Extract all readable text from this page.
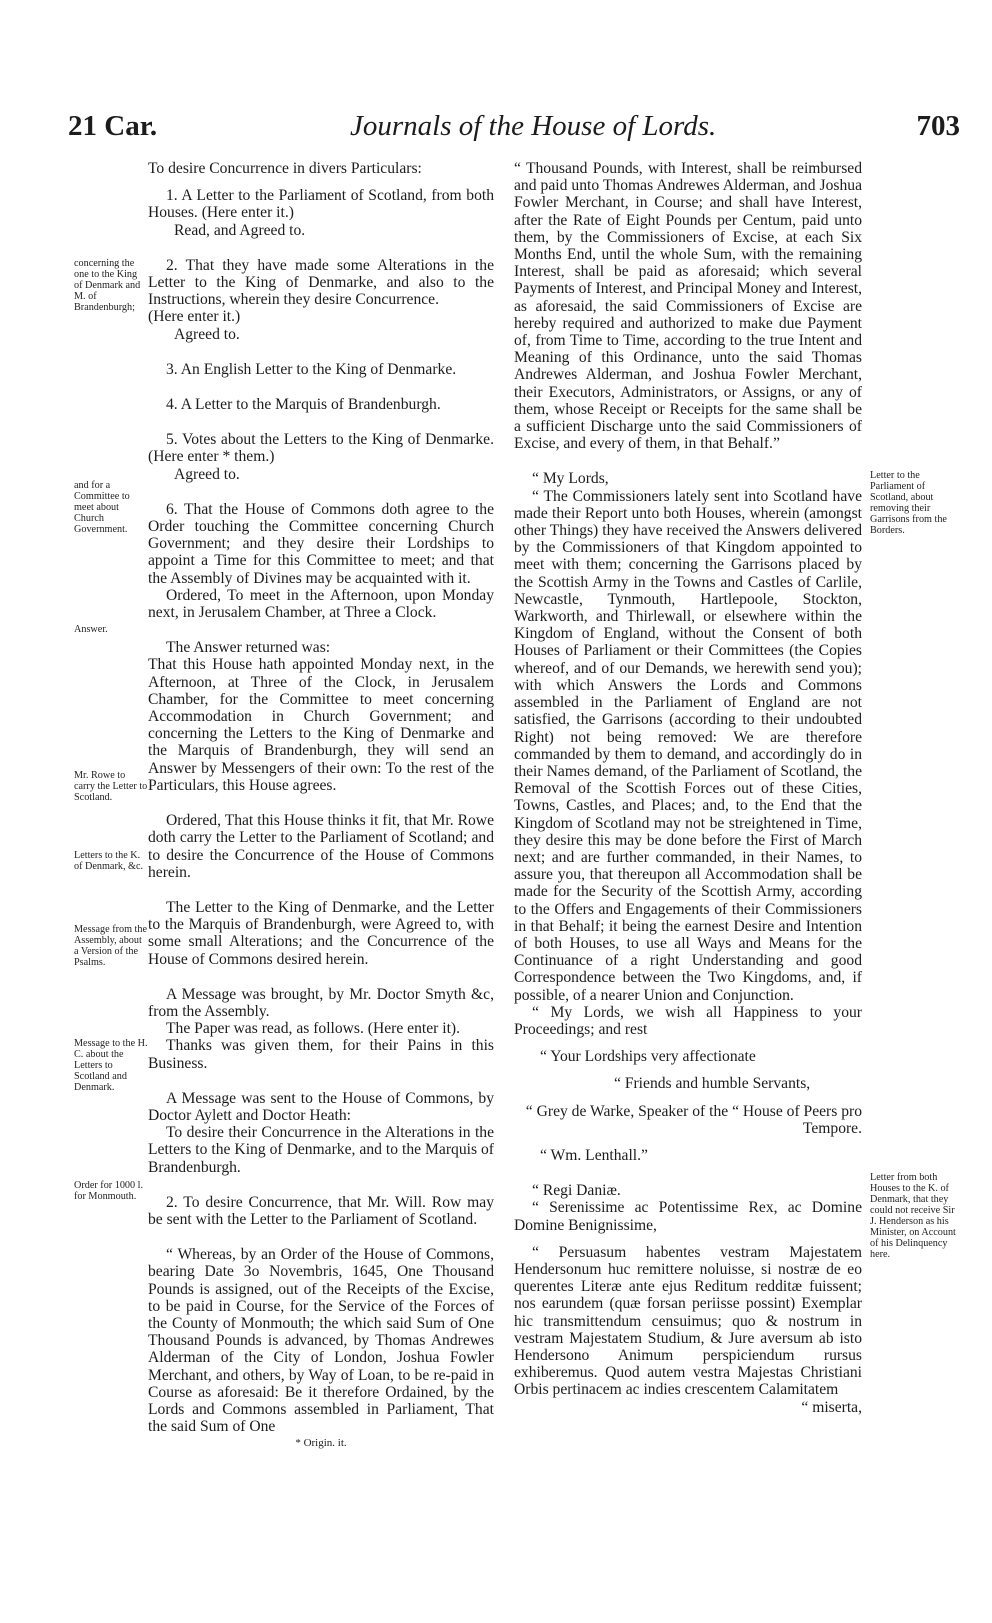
21 Car.	Journals of the House of Lords.	703
concerning the one to the King of Denmark and M. of Brandenburgh;
and for a Committee to meet about Church Government.
Answer.
Mr. Rowe to carry the Letter to Scotland.
Letters to the K. of Denmark, &c.
Message from the Assembly, about a Version of the Psalms.
Message to the H. C. about the Letters to Scotland and Denmark.
Order for 1000 l. for Monmouth.
Letter to the Parliament of Scotland, about removing their Garrisons from the Borders.
Letter from both Houses to the K. of Denmark, that they could not receive Sir J. Henderson as his Minister, on Account of his Delinquency here.

To desire Concurrence in divers Particulars:

1. A Letter to the Parliament of Scotland, from both Houses. (Here enter it.)

Read, and Agreed to.

2. That they have made some Alterations in the Letter to the King of Denmarke, and also to the Instructions, wherein they desire Concurrence.

(Here enter it.)

Agreed to.

3. An English Letter to the King of Denmarke.

4. A Letter to the Marquis of Brandenburgh.

5. Votes about the Letters to the King of Denmarke. (Here enter * them.)

Agreed to.

6. That the House of Commons doth agree to the Order touching the Committee concerning Church Government; and they desire their Lordships to appoint a Time for this Committee to meet; and that the Assembly of Divines may be acquainted with it.

Ordered, To meet in the Afternoon, upon Monday next, in Jerusalem Chamber, at Three a Clock.

The Answer returned was:

That this House hath appointed Monday next, in the Afternoon, at Three of the Clock, in Jerusalem Chamber, for the Committee to meet concerning Accommodation in Church Government; and concerning the Letters to the King of Denmarke and the Marquis of Brandenburgh, they will send an Answer by Messengers of their own: To the rest of the Particulars, this House agrees.

Ordered, That this House thinks it fit, that Mr. Rowe doth carry the Letter to the Parliament of Scotland; and to desire the Concurrence of the House of Commons herein.

The Letter to the King of Denmarke, and the Letter to the Marquis of Brandenburgh, were Agreed to, with some small Alterations; and the Concurrence of the House of Commons desired herein.

A Message was brought, by Mr. Doctor Smyth &c, from the Assembly.

The Paper was read, as follows. (Here enter it).

Thanks was given them, for their Pains in this Business.

A Message was sent to the House of Commons, by Doctor Aylett and Doctor Heath:

To desire their Concurrence in the Alterations in the Letters to the King of Denmarke, and to the Marquis of Brandenburgh.

2. To desire Concurrence, that Mr. Will. Row may be sent with the Letter to the Parliament of Scotland.

“ Whereas, by an Order of the House of Commons, bearing Date 3o Novembris, 1645, One Thousand Pounds is assigned, out of the Receipts of the Excise, to be paid in Course, for the Service of the Forces of the County of Monmouth; the which said Sum of One Thousand Pounds is advanced, by Thomas Andrewes Alderman of the City of London, Joshua Fowler Merchant, and others, by Way of Loan, to be re-paid in Course as aforesaid: Be it therefore Ordained, by the Lords and Commons assembled in Parliament, That the said Sum of One

* Origin. it.

“ Thousand Pounds, with Interest, shall be reimbursed and paid unto Thomas Andrewes Alderman, and Joshua Fowler Merchant, in Course; and shall have Interest, after the Rate of Eight Pounds per Centum, paid unto them, by the Commissioners of Excise, at each Six Months End, until the whole Sum, with the remaining Interest, shall be paid as aforesaid; which several Payments of Interest, and Principal Money and Interest, as aforesaid, the said Commissioners of Excise are hereby required and authorized to make due Payment of, from Time to Time, according to the true Intent and Meaning of this Ordinance, unto the said Thomas Andrewes Alderman, and Joshua Fowler Merchant, their Executors, Administrators, or Assigns, or any of them, whose Receipt or Receipts for the same shall be a sufficient Discharge unto the said Commissioners of Excise, and every of them, in that Behalf.”

“ My Lords,

“ The Commissioners lately sent into Scotland have made their Report unto both Houses, wherein (amongst other Things) they have received the Answers delivered by the Commissioners of that Kingdom appointed to meet with them; concerning the Garrisons placed by the Scottish Army in the Towns and Castles of Carlile, Newcastle, Tynmouth, Hartlepoole, Stockton, Warkworth, and Thirlewall, or elsewhere within the Kingdom of England, without the Consent of both Houses of Parliament or their Committees (the Copies whereof, and of our Demands, we herewith send you); with which Answers the Lords and Commons assembled in the Parliament of England are not satisfied, the Garrisons (according to their undoubted Right) not being removed: We are therefore commanded by them to demand, and accordingly do in their Names demand, of the Parliament of Scotland, the Removal of the Scottish Forces out of these Cities, Towns, Castles, and Places; and, to the End that the Kingdom of Scotland may not be streightened in Time, they desire this may be done before the First of March next; and are further commanded, in their Names, to assure you, that thereupon all Accommodation shall be made for the Security of the Scottish Army, according to the Offers and Engagements of their Commissioners in that Behalf; it being the earnest Desire and Intention of both Houses, to use all Ways and Means for the Continuance of a right Understanding and good Correspondence between the Two Kingdoms, and, if possible, of a nearer Union and Conjunction.

“ My Lords, we wish all Happiness to your Proceedings; and rest

“ Your Lordships very affectionate

“ Friends and humble Servants,

“ Grey de Warke, Speaker of the “ House of Peers pro Tempore.

“ Wm. Lenthall.”

“ Regi Daniæ.

“ Serenissime ac Potentissime Rex, ac Domine Domine Benignissime,

“ Persuasum habentes vestram Majestatem Hendersonum huc remittere noluisse, si nostræ de eo querentes Literæ ante ejus Reditum redditæ fuissent; nos earundem (quæ forsan periisse possint) Exemplar hic transmittendum censuimus; quo & nostrum in vestram Majestatem Studium, & Jure aversum ab isto Hendersono Animum perspiciendum rursus exhiberemus. Quod autem vestra Majestas Christiani Orbis pertinacem ac indies crescentem Calamitatem

“ miserta,
